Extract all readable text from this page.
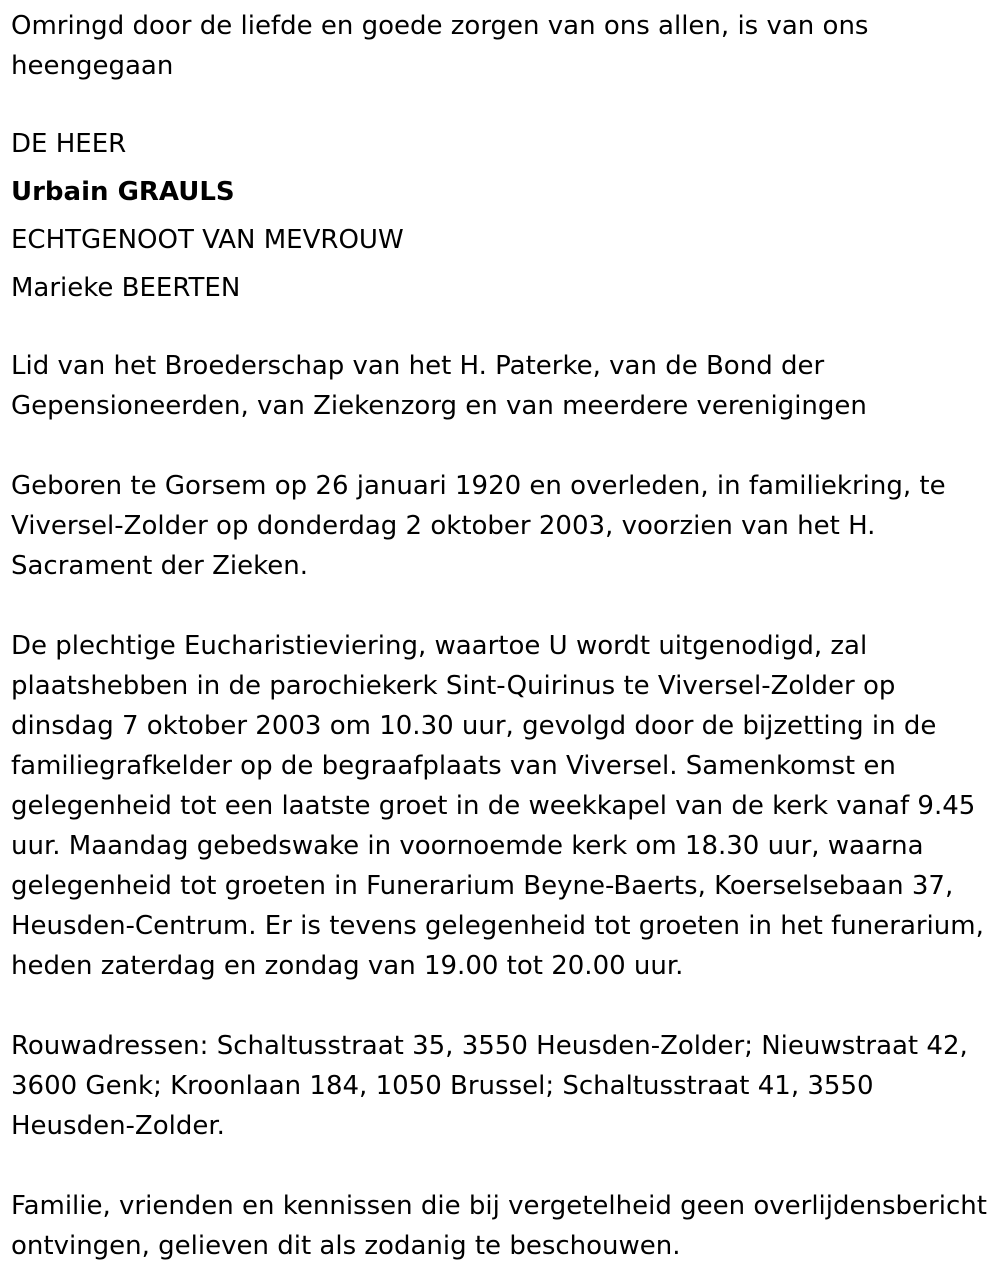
Omringd door de liefde en goede zorgen van ons allen, is van ons heengegaan

DE HEER
Urbain GRAULS
ECHTGENOOT VAN MEVROUW
Marieke BEERTEN

Lid van het Broederschap van het H. Paterke, van de Bond der Gepensioneerden, van Ziekenzorg en van meerdere verenigingen

Geboren te Gorsem op 26 januari 1920 en overleden, in familiekring, te Viversel-Zolder op donderdag 2 oktober 2003, voorzien van het H. Sacrament der Zieken.

De plechtige Eucharistieviering, waartoe U wordt uitgenodigd, zal plaatshebben in de parochiekerk Sint-Quirinus te Viversel-Zolder op dinsdag 7 oktober 2003 om 10.30 uur, gevolgd door de bijzetting in de familiegrafkelder op de begraafplaats van Viversel. Samenkomst en gelegenheid tot een laatste groet in de weekkapel van de kerk vanaf 9.45 uur. Maandag gebedswake in voornoemde kerk om 18.30 uur, waarna gelegenheid tot groeten in Funerarium Beyne-Baerts, Koerselsebaan 37, Heusden-Centrum. Er is tevens gelegenheid tot groeten in het funerarium, heden zaterdag en zondag van 19.00 tot 20.00 uur.

Rouwadressen: Schaltusstraat 35, 3550 Heusden-Zolder; Nieuwstraat 42, 3600 Genk; Kroonlaan 184, 1050 Brussel; Schaltusstraat 41, 3550 Heusden-Zolder.

Familie, vrienden en kennissen die bij vergetelheid geen overlijdensbericht ontvingen, gelieven dit als zodanig te beschouwen.
